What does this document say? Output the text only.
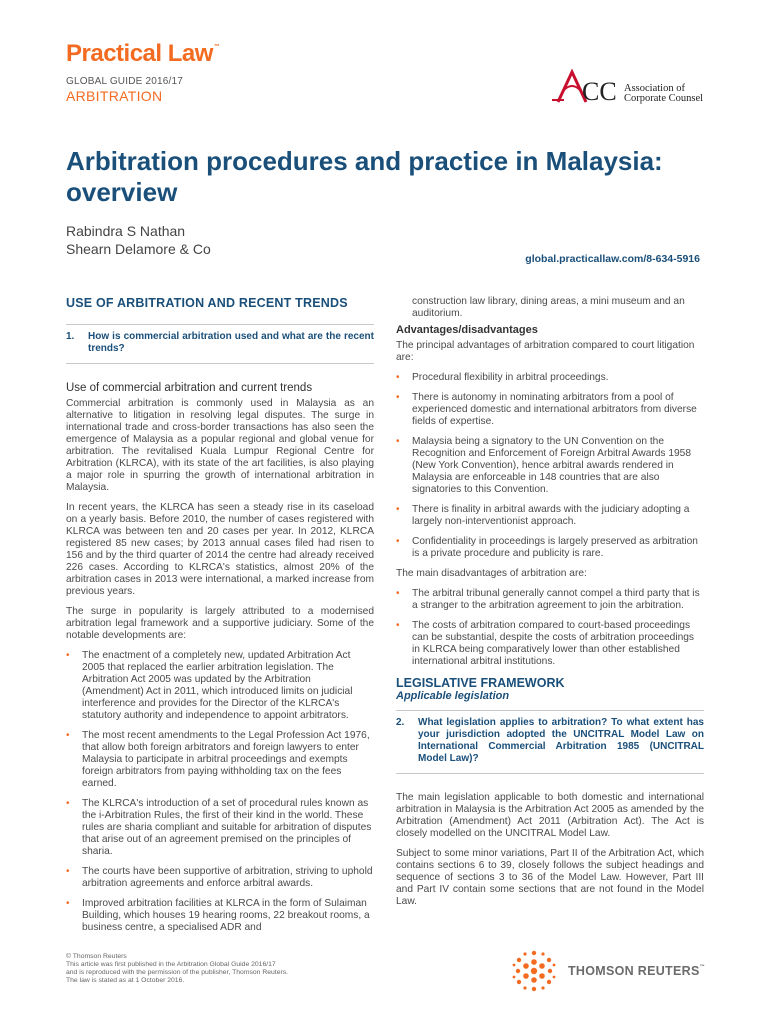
Practical Law™
GLOBAL GUIDE 2016/17
ARBITRATION	CC Association of
Corporate Counsel
Arbitration procedures and practice in Malaysia: overview
Rabindra S Nathan
Shearn Delamore & Co
global.practicallaw.com/8-634-5916
USE OF ARBITRATION AND RECENT TRENDS
1.	How is commercial arbitration used and what are the recent trends?
Use of commercial arbitration and current trends

Commercial arbitration is commonly used in Malaysia as an alternative to litigation in resolving legal disputes. The surge in international trade and cross-border transactions has also seen the emergence of Malaysia as a popular regional and global venue for arbitration. The revitalised Kuala Lumpur Regional Centre for Arbitration (KLRCA), with its state of the art facilities, is also playing a major role in spurring the growth of international arbitration in Malaysia.

In recent years, the KLRCA has seen a steady rise in its caseload on a yearly basis. Before 2010, the number of cases registered with KLRCA was between ten and 20 cases per year. In 2012, KLRCA registered 85 new cases; by 2013 annual cases filed had risen to 156 and by the third quarter of 2014 the centre had already received 226 cases. According to KLRCA's statistics, almost 20% of the arbitration cases in 2013 were international, a marked increase from previous years.

The surge in popularity is largely attributed to a modernised arbitration legal framework and a supportive judiciary. Some of the notable developments are:

• The enactment of a completely new, updated Arbitration Act 2005 that replaced the earlier arbitration legislation. The Arbitration Act 2005 was updated by the Arbitration (Amendment) Act in 2011, which introduced limits on judicial interference and provides for the Director of the KLRCA's statutory authority and independence to appoint arbitrators.
• The most recent amendments to the Legal Profession Act 1976, that allow both foreign arbitrators and foreign lawyers to enter Malaysia to participate in arbitral proceedings and exempts foreign arbitrators from paying withholding tax on the fees earned.
• The KLRCA's introduction of a set of procedural rules known as the i-Arbitration Rules, the first of their kind in the world. These rules are sharia compliant and suitable for arbitration of disputes that arise out of an agreement premised on the principles of sharia.
• The courts have been supportive of arbitration, striving to uphold arbitration agreements and enforce arbitral awards.
• Improved arbitration facilities at KLRCA in the form of Sulaiman Building, which houses 19 hearing rooms, 22 breakout rooms, a business centre, a specialised ADR and
construction law library, dining areas, a mini museum and an auditorium.
Advantages/disadvantages

The principal advantages of arbitration compared to court litigation are:

• Procedural flexibility in arbitral proceedings.
• There is autonomy in nominating arbitrators from a pool of experienced domestic and international arbitrators from diverse fields of expertise.
• Malaysia being a signatory to the UN Convention on the Recognition and Enforcement of Foreign Arbitral Awards 1958 (New York Convention), hence arbitral awards rendered in Malaysia are enforceable in 148 countries that are also signatories to this Convention.
• There is finality in arbitral awards with the judiciary adopting a largely non-interventionist approach.
• Confidentiality in proceedings is largely preserved as arbitration is a private procedure and publicity is rare.

The main disadvantages of arbitration are:

• The arbitral tribunal generally cannot compel a third party that is a stranger to the arbitration agreement to join the arbitration.
• The costs of arbitration compared to court-based proceedings can be substantial, despite the costs of arbitration proceedings in KLRCA being comparatively lower than other established international arbitral institutions.
LEGISLATIVE FRAMEWORK
Applicable legislation
2.	What legislation applies to arbitration? To what extent has your jurisdiction adopted the UNCITRAL Model Law on International Commercial Arbitration 1985 (UNCITRAL Model Law)?

The main legislation applicable to both domestic and international arbitration in Malaysia is the Arbitration Act 2005 as amended by the Arbitration (Amendment) Act 2011 (Arbitration Act). The Act is closely modelled on the UNCITRAL Model Law.

Subject to some minor variations, Part II of the Arbitration Act, which contains sections 6 to 39, closely follows the subject headings and sequence of sections 3 to 36 of the Model Law. However, Part III and Part IV contain some sections that are not found in the Model Law.

© Thomson Reuters
This article was first published in the Arbitration Global Guide 2016/17
and is reproduced with the permission of the publisher, Thomson Reuters.
The law is stated as at 1 October 2016.
THOMSON REUTERS™
